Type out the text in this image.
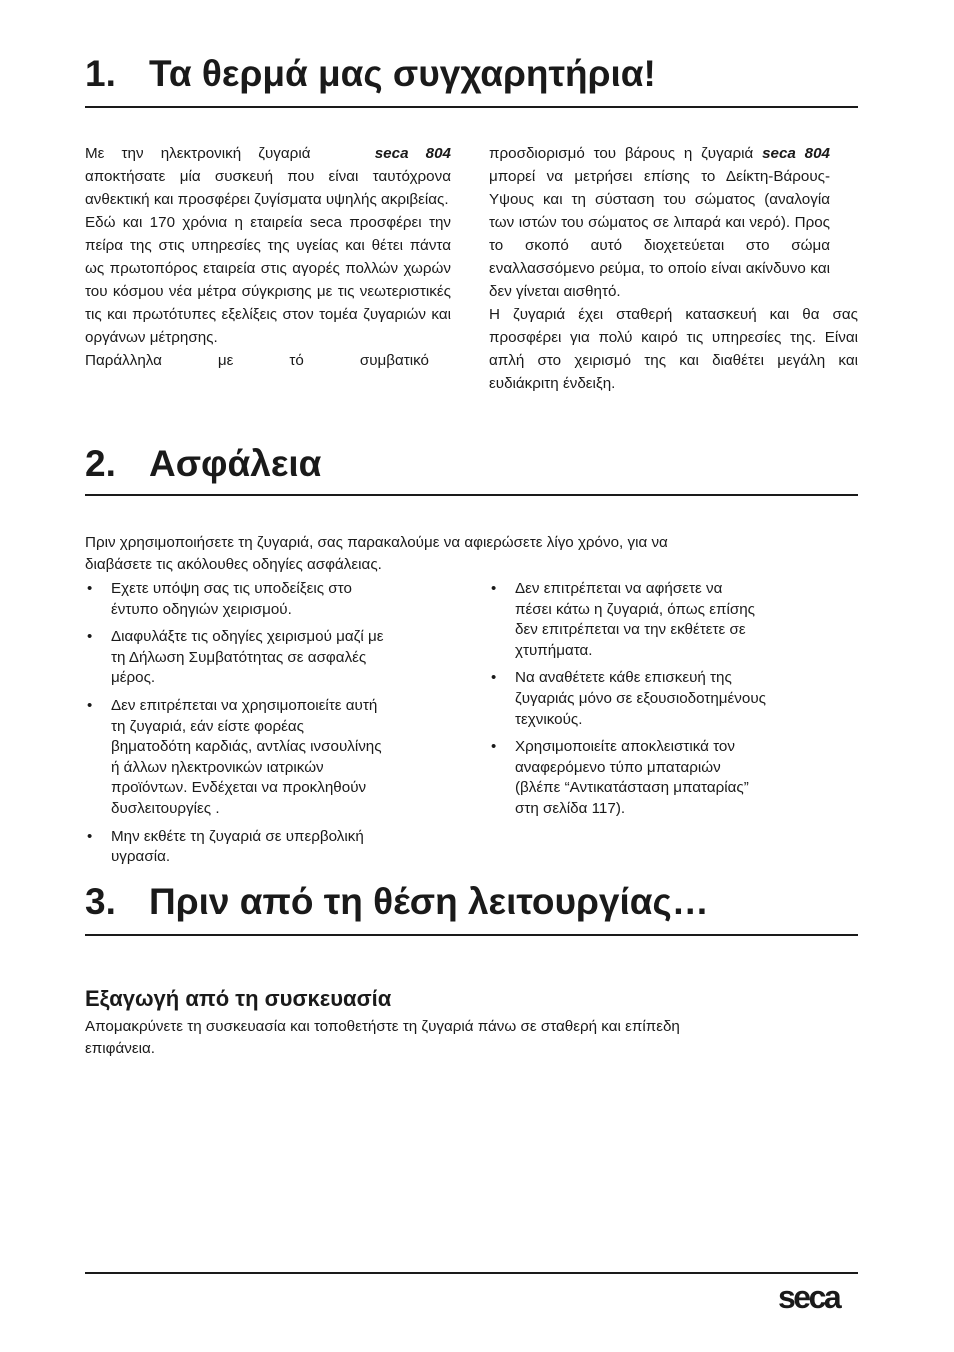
1. Τα θερμά μας συγχαρητήρια!

Με την ηλεκτρονική ζυγαριά	seca 804 αποκτήσατε μία συσκευή που είναι ταυτόχρονα ανθεκτική και προσφέρει ζυγίσματα υψηλής ακριβείας.

Εδώ και 170 χρόνια η εταιρεία seca προσφέρει την πείρα της στις υπηρεσίες της υγείας και θέτει πάντα ως πρωτοπόρος εταιρεία στις αγορές πολλών χωρών του κόσμου νέα μέτρα σύγκρισης με τις νεωτεριστικές τις και πρωτότυπες εξελίξεις στον τομέα ζυγαριών και οργάνων μέτρησης.

Παράλληλα με τό συμβατικό

προσδιορισμό του βάρους η ζυγαριά seca 804 μπορεί να μετρήσει επίσης το Δείκτη-Βάρους-Υψους και τη σύσταση του σώματος (αναλογία των ιστών του σώματος σε λιπαρά και νερό). Προς το σκοπό αυτό διοχετεύεται στο σώμα εναλλασσόμενο ρεύμα, το οποίο είναι ακίνδυνο και δεν γίνεται αισθητό.

Η ζυγαριά έχει σταθερή κατασκευή και θα σας προσφέρει για πολύ καιρό τις υπηρεσίες της. Είναι απλή στο χειρισμό της και διαθέτει μεγάλη και ευδιάκριτη ένδειξη.

2. Ασφάλεια
Πριν χρησιμοποιήσετε τη ζυγαριά, σας παρακαλούμε να αφιερώσετε λίγο χρόνο, για να
διαβάσετε τις ακόλουθες οδηγίες ασφάλειας.
• Εχετε υπόψη σας τις υποδείξεις στο
έντυπο οδηγιών χειρισμού.
• Διαφυλάξτε τις οδηγίες χειρισμού μαζί με
τη Δήλωση Συμβατότητας σε ασφαλές
μέρος.
• Δεν επιτρέπεται να χρησιμοποιείτε αυτή
τη ζυγαριά, εάν είστε φορέας
βηματοδότη καρδιάς, αντλίας ινσουλίνης
ή άλλων ηλεκτρονικών ιατρικών
προϊόντων. Ενδέχεται να προκληθούν
δυσλειτουργίες .
• Μην εκθέτε τη ζυγαριά σε υπερβολική
υγρασία.
• Δεν επιτρέπεται να αφήσετε να
πέσει κάτω η ζυγαριά, όπως επίσης
δεν επιτρέπεται να την εκθέτετε σε
χτυπήματα.
• Να αναθέτετε κάθε επισκευή της
ζυγαριάς μόνο σε εξουσιοδοτημένους
τεχνικούς.
• Χρησιμοποιείτε αποκλειστικά τον
αναφερόμενο τύπο μπαταριών
(βλέπε “Αντικατάσταση μπαταρίας”
στη σελίδα 117).
3. Πριν από τη θέση λειτουργίας…
Εξαγωγή από τη συσκευασία
Απομακρύνετε τη συσκευασία και τοποθετήστε τη ζυγαριά πάνω σε σταθερή και επίπεδη
επιφάνεια.
seca
